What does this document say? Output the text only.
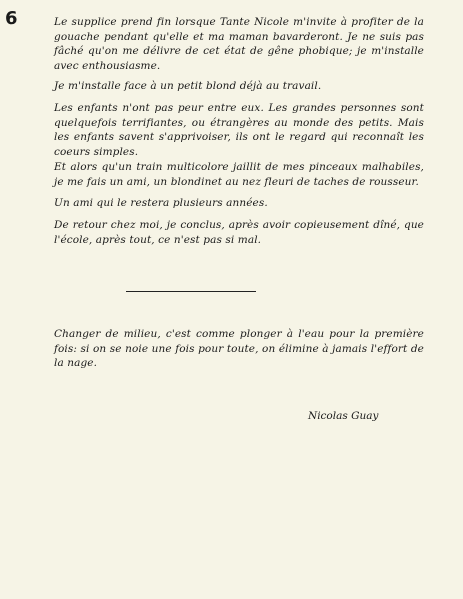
6	Le supplice prend fin lorsque Tante Nicole m'invite à profiter de la gouache pendant qu'elle et ma maman bavarderont. Je ne suis pas fâché qu'on me délivre de cet état de gêne phobique; je m'installe avec enthousiasme.
Je m'installe face à un petit blond déjà au travail.
Les enfants n'ont pas peur entre eux. Les grandes personnes sont quelquefois terrifiantes, ou étrangères au monde des petits. Mais les enfants savent s'apprivoiser, ils ont le regard qui reconnaît les coeurs simples.
Et alors qu'un train multicolore jaillit de mes pinceaux malhabiles, je me fais un ami, un blondinet au nez fleuri de taches de rousseur.
Un ami qui le restera plusieurs années.
De retour chez moi, je conclus, après avoir copieusement dîné, que l'école, après tout, ce n'est pas si mal.
Changer de milieu, c'est comme plonger à l'eau pour la première fois: si on se noie une fois pour toute, on élimine à jamais l'effort de la nage.
Nicolas Guay
